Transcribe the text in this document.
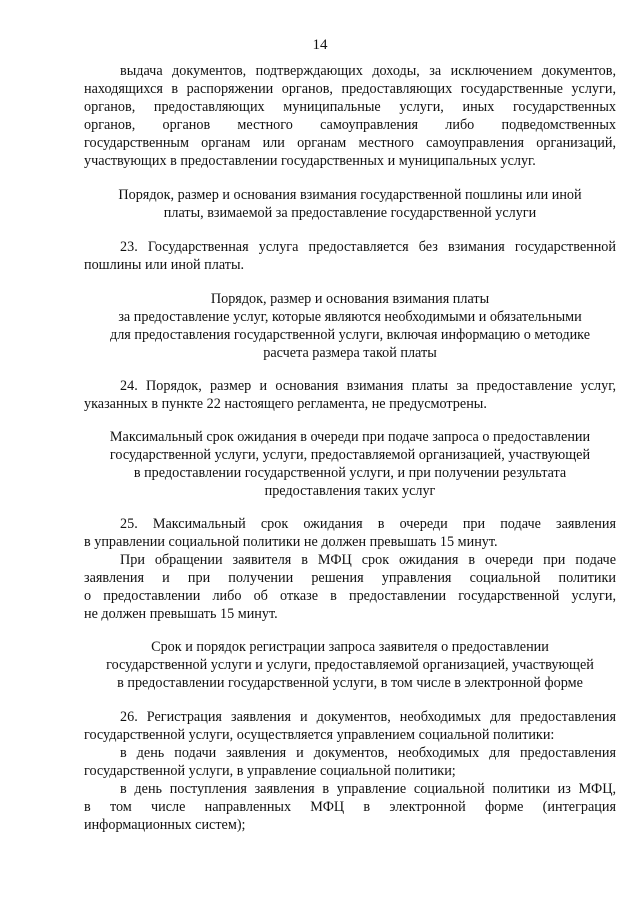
14
выдача документов, подтверждающих доходы, за исключением документов,
находящихся в распоряжении органов, предоставляющих государственные услуги,
органов, предоставляющих муниципальные услуги, иных государственных
органов, органов местного самоуправления либо подведомственных
государственным органам или органам местного самоуправления организаций,
участвующих в предоставлении государственных и муниципальных услуг.
Порядок, размер и основания взимания государственной пошлины или иной
платы, взимаемой за предоставление государственной услуги
23. Государственная услуга предоставляется без взимания государственной
пошлины или иной платы.
Порядок, размер и основания взимания платы
за предоставление услуг, которые являются необходимыми и обязательными
для предоставления государственной услуги, включая информацию о методике
расчета размера такой платы
24. Порядок, размер и основания взимания платы за предоставление услуг,
указанных в пункте 22 настоящего регламента, не предусмотрены.
Максимальный срок ожидания в очереди при подаче запроса о предоставлении
государственной услуги, услуги, предоставляемой организацией, участвующей
в предоставлении государственной услуги, и при получении результата
предоставления таких услуг
25. Максимальный срок ожидания в очереди при подаче заявления
в управлении социальной политики не должен превышать 15 минут.
При обращении заявителя в МФЦ срок ожидания в очереди при подаче
заявления и при получении решения управления социальной политики
о предоставлении либо об отказе в предоставлении государственной услуги,
не должен превышать 15 минут.
Срок и порядок регистрации запроса заявителя о предоставлении
государственной услуги и услуги, предоставляемой организацией, участвующей
в предоставлении государственной услуги, в том числе в электронной форме
26. Регистрация заявления и документов, необходимых для предоставления
государственной услуги, осуществляется управлением социальной политики:
в день подачи заявления и документов, необходимых для предоставления
государственной услуги, в управление социальной политики;
в день поступления заявления в управление социальной политики из МФЦ,
в том числе направленных МФЦ в электронной форме (интеграция
информационных систем);
